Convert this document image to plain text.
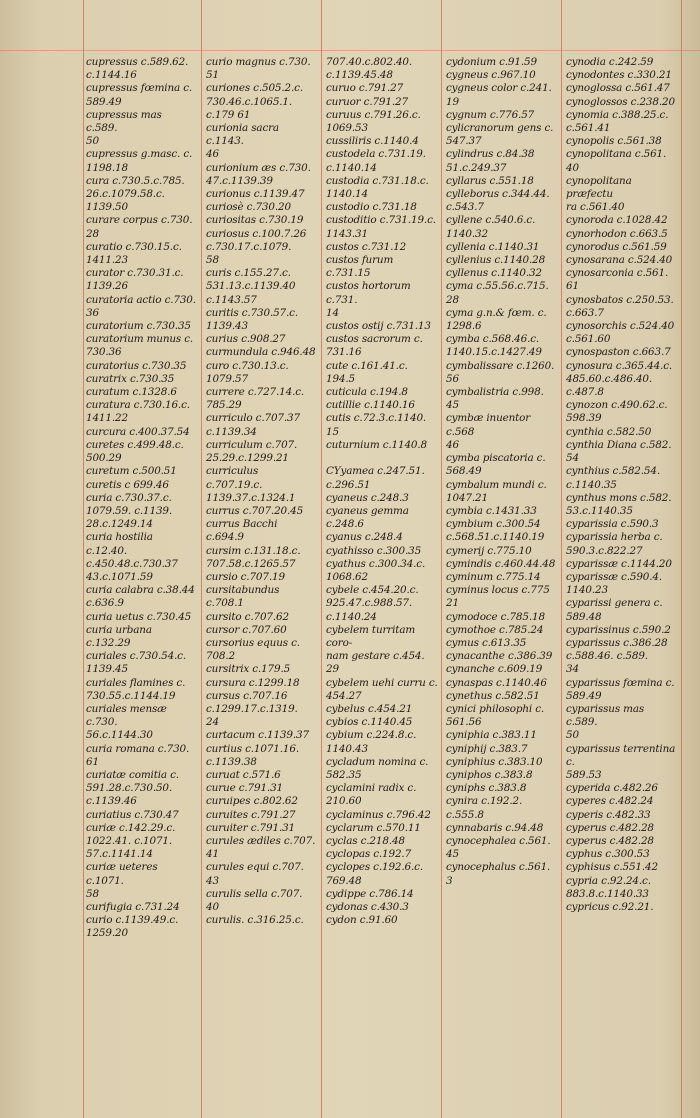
cupressus c.589.62.
c.1144.16
cupressus fœmina c.
589.49
cupressus mas c.589.
50
cupressus g.masc. c.
1198.18
cura c.730.5.c.785.
26.c.1079.58.c.
1139.50
curare corpus c.730.
28
curatio c.730.15.c.
1411.23
curator c.730.31.c.
1139.26
curatoria actio c.730.
36
curatorium c.730.35
curatorium munus c.
730.36
curatorius c.730.35
curatrix c.730.35
curatum c.1328.6
curatura c.730.16.c.
1411.22
curcura c.400.37.54
curetes c.499.48.c.
500.29
curetum c.500.51
curetis c 699.46
curia c.730.37.c.
1079.59. c.1139.
28.c.1249.14
curia hostilia c.12.40.
c.450.48.c.730.37
43.c.1071.59
curia calabra c.38.44
c.636.9
curia uetus c.730.45
curia urbana c.132.29
curiales c.730.54.c.
1139.45
curiales flamines c.
730.55.c.1144.19
curiales mensæ c.730.
56.c.1144.30
curia romana c.730.
61
curiatæ comitia c.
591.28.c.730.50.
c.1139.46
curiatius c.730.47
curiæ c.142.29.c.
1022.41. c.1071.
57.c.1141.14
curiæ ueteres c.1071.
58
curifugia c.731.24
curio c.1139.49.c.
1259.20
curio magnus c.730.
51
curiones c.505.2.c.
730.46.c.1065.1.
c.179 61
curionia sacra c.1143.
46
curionium æs c.730.
47.c.1139.39
curionus c.1139.47
curiosè c.730.20
curiositas c.730.19
curiosus c.100.7.26
c.730.17.c.1079.
58
curis c.155.27.c.
531.13.c.1139.40
c.1143.57
curitis c.730.57.c.
1139.43
curius c.908.27
curmundula c.946.48
curo c.730.13.c.
1079.57
currere c.727.14.c.
785.29
curriculo c.707.37
c.1139.34
curriculum c.707.
25.29.c.1299.21
curriculus c.707.19.c.
1139.37.c.1324.1
currus c.707.20.45
currus Bacchi c.694.9
cursim c.131.18.c.
707.58.c.1265.57
cursio c.707.19
cursitabundus c.708.1
cursito c.707.62
cursor c.707.60
cursorius equus c.
708.2
cursitrix c.179.5
cursura c.1299.18
cursus c.707.16
c.1299.17.c.1319.
24
curtacum c.1139.37
curtius c.1071.16.
c.1139.38
curuat c.571.6
curue c.791.31
curuipes c.802.62
curuites c.791.27
curuiter c.791.31
curules ædiles c.707.
41
curules equi c.707.
43
curulis sella c.707.
40
curulis. c.316.25.c.
707.40.c.802.40.
c.1139.45.48
curuo c.791.27
curuor c.791.27
curuus c.791.26.c.
1069.53
cussiliris c.1140.4
custodela c.731.19.
c.1140.14
custodia c.731.18.c.
1140.14
custodio c.731.18
custoditio c.731.19.c.
1143.31
custos c.731.12
custos furum c.731.15
custos hortorum c.731.
14
custos ostij c.731.13
custos sacrorum c.
731.16
cute c.161.41.c.
194.5
cuticula c.194.8
cutillie c.1140.16
cutis c.72.3.c.1140.
15
cuturnium c.1140.8

CYyamea c.247.51.
c.296.51
cyaneus c.248.3
cyaneus gemma c.248.6
cyanus c.248.4
cyathisso c.300.35
cyathus c.300.34.c.
1068.62
cybele c.454.20.c.
925.47.c.988.57.
c.1140.24
cybelem turritam coro-
nam gestare c.454.
29
cybelem uehi curru c.
454.27
cybelus c.454.21
cybios c.1140.45
cybium c.224.8.c.
1140.43
cycladum nomina c.
582.35
cyclamini radix c.
210.60
cyclaminus c.796.42
cyclarum c.570.11
cyclas c.218.48
cyclopas c.192.7
cyclopes c.192.6.c.
769.48
cydippe c.786.14
cydonas c.430.3
cydon c.91.60
cydonium c.91.59
cygneus c.967.10
cygneus color c.241.
19
cygnum c.776.57
cylicranorum gens c.
547.37
cylindrus c.84.38
51.c.249.37
cyllarus c.551.18
cylleborus c.344.44.
c.543.7
cyllene c.540.6.c.
1140.32
cyllenia c.1140.31
cyllenius c.1140.28
cyllenus c.1140.32
cyma c.55.56.c.715.
28
cyma g.n.& fœm. c.
1298.6
cymba c.568.46.c.
1140.15.c.1427.49
cymbalissare c.1260.
56
cymbalistria c.998.
45
cymbæ inuentor c.568
46
cymba piscatoria c.
568.49
cymbalum mundi c.
1047.21
cymbia c.1431.33
cymbium c.300.54
c.568.51.c.1140.19
cymerij c.775.10
cymindis c.460.44.48
cyminum c.775.14
cyminus locus c.775
21
cymodoce c.785.18
cymothoe c.785.24
cymus c.613.35
cynacanthe c.386.39
cynanche c.609.19
cynaspas c.1140.46
cynethus c.582.51
cynici philosophi c.
561.56
cyniphia c.383.11
cyniphij c.383.7
cyniphius c.383.10
cyniphos c.383.8
cyniphs c.383.8
cynira c.192.2.
c.555.8
cynnabaris c.94.48
cynocephalea c.561.
45
cynocephalus c.561.
3
cynodia c.242.59
cynodontes c.330.21
cynoglossa c.561.47
cynoglossos c.238.20
cynomia c.388.25.c.
c.561.41
cynopolis c.561.38
cynopolitana c.561.
40
cynopolitana præfectu
ra c.561.40
cynoroda c.1028.42
cynorhodon c.663.5
cynorodus c.561.59
cynosarana c.524.40
cynosarconia c.561.
61
cynosbatos c.250.53.
c.663.7
cynosorchis c.524.40
c.561.60
cynospaston c.663.7
cynosura c.365.44.c.
485.60.c.486.40.
c.487.8
cynozon c.490.62.c.
598.39
cynthia c.582.50
cynthia Diana c.582.
54
cynthius c.582.54.
c.1140.35
cynthus mons c.582.
53.c.1140.35
cyparissia c.590.3
cyparissia herba c.
590.3.c.822.27
cyparissæ c.1144.20
cyparissæ c.590.4.
1140.23
cyparissi genera c.
589.48
cyparissinus c.590.2
cyparissus c.386.28
c.588.46. c.589.
34
cyparissus fœmina c.
589.49
cyparissus mas c.589.
50
cyparissus terrentina c.
589.53
cyperida c.482.26
cyperes c.482.24
cyperis c.482.33
cyperus c.482.28
cyperus c.482.28
cyphus c.300.53
cyphisus c.551.42
cypria c.92.24.c.
883.8.c.1140.33
cypricus c.92.21.
